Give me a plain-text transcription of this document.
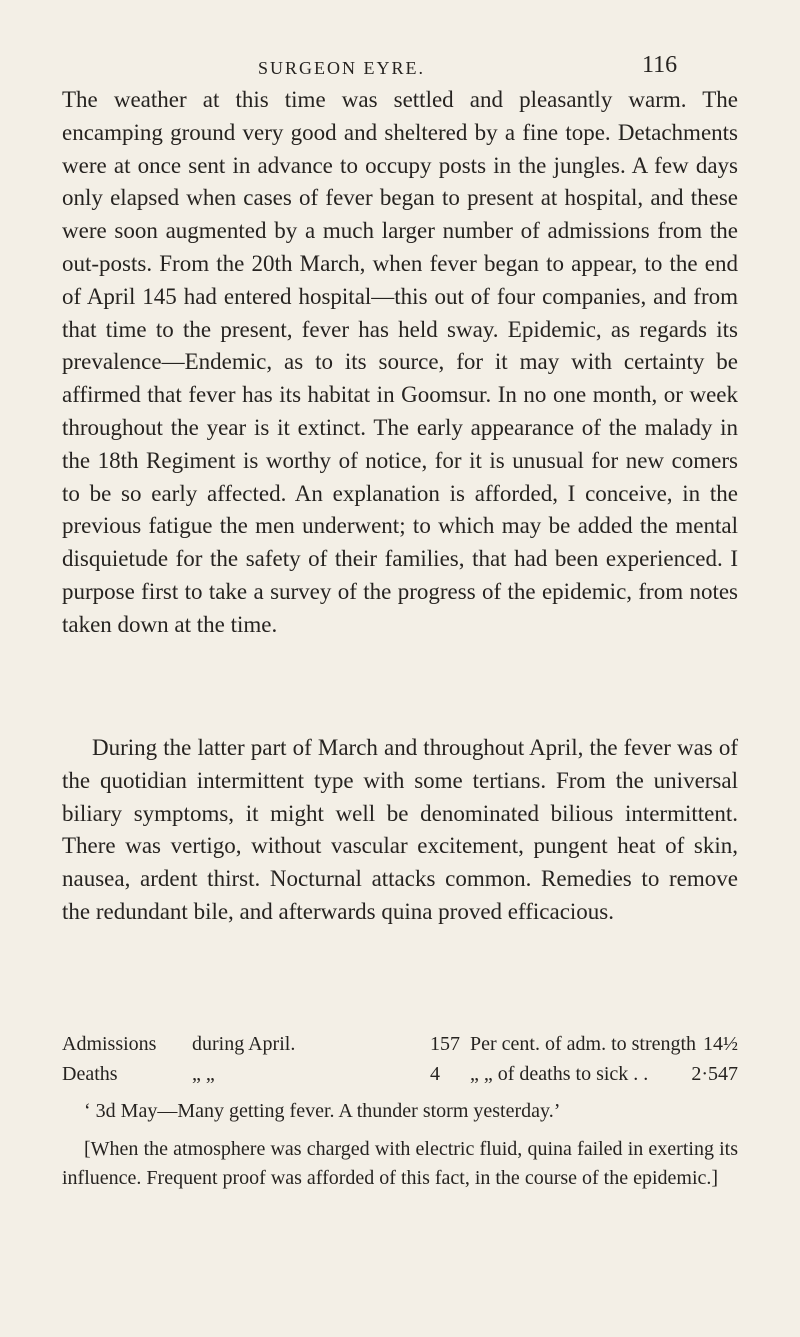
SURGEON EYRE.	116

The weather at this time was settled and pleasantly warm. The encamping ground very good and sheltered by a fine tope. Detachments were at once sent in advance to occupy posts in the jungles. A few days only elapsed when cases of fever began to present at hospital, and these were soon augmented by a much larger number of admissions from the out-posts. From the 20th March, when fever began to appear, to the end of April 145 had entered hospital—this out of four companies, and from that time to the present, fever has held sway. Epidemic, as regards its prevalence—Endemic, as to its source, for it may with certainty be affirmed that fever has its habitat in Goomsur. In no one month, or week throughout the year is it extinct. The early appearance of the malady in the 18th Regiment is worthy of notice, for it is unusual for new comers to be so early affected. An explanation is afforded, I conceive, in the previous fatigue the men underwent; to which may be added the mental disquietude for the safety of their families, that had been experienced. I purpose first to take a survey of the progress of the epidemic, from notes taken down at the time.

During the latter part of March and throughout April, the fever was of the quotidian intermittent type with some tertians. From the universal biliary symptoms, it might well be denominated bilious intermittent. There was vertigo, without vascular excitement, pungent heat of skin, nausea, ardent thirst. Nocturnal attacks common. Remedies to remove the redundant bile, and afterwards quina proved efficacious.

Admissions during April.	157 Per cent. of adm. to strength 14½
Deaths	„ „	4 „ „ of deaths to sick . . 2·547

‘ 3d May—Many getting fever. A thunder storm yesterday.’

[When the atmosphere was charged with electric fluid, quina failed in exerting its influence. Frequent proof was afforded of this fact, in the course of the epidemic.]
